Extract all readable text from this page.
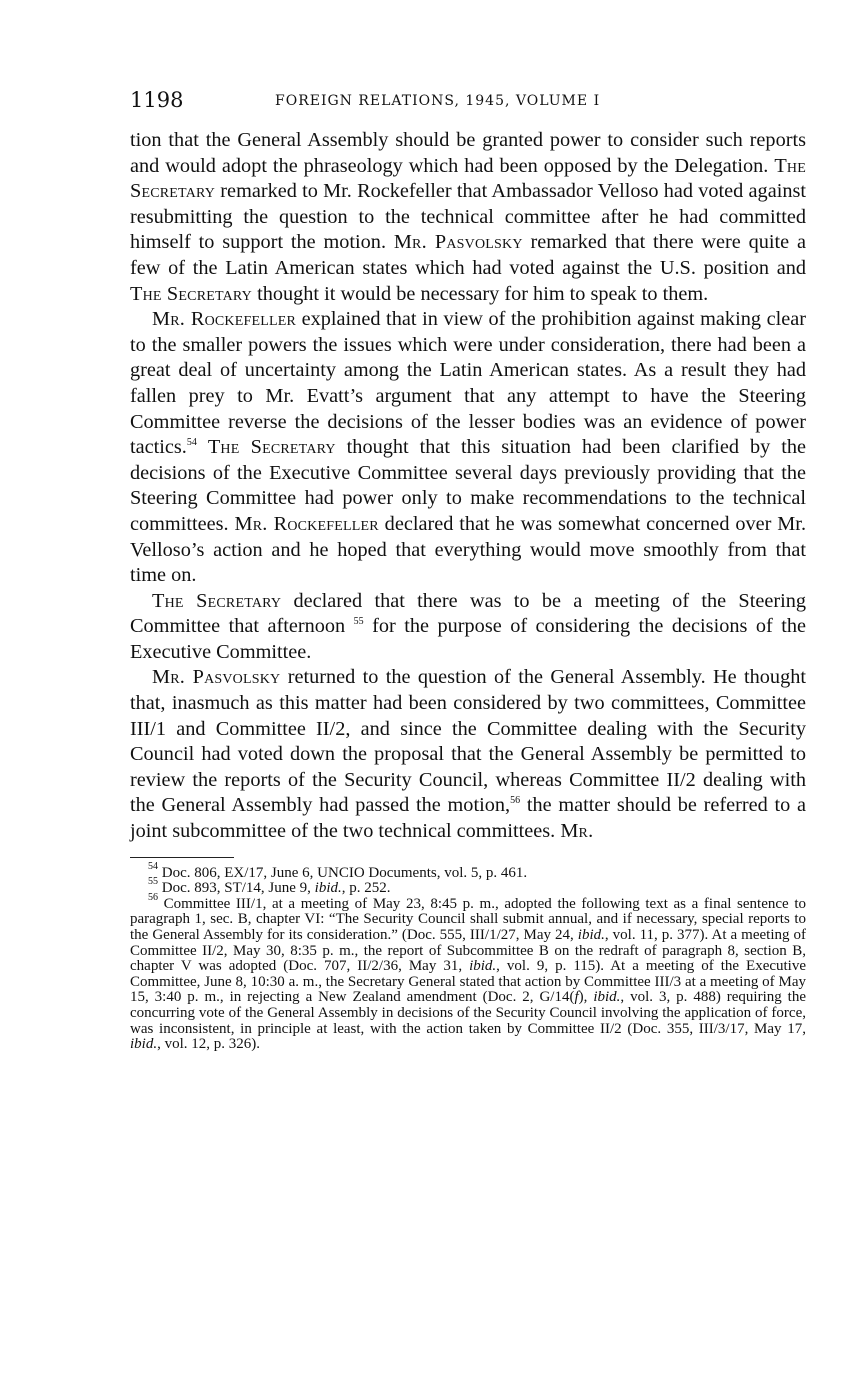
1198	FOREIGN RELATIONS, 1945, VOLUME I

tion that the General Assembly should be granted power to consider such reports and would adopt the phraseology which had been opposed by the Delegation. The Secretary remarked to Mr. Rockefeller that Ambassador Velloso had voted against resubmitting the question to the technical committee after he had committed himself to support the motion. Mr. Pasvolsky remarked that there were quite a few of the Latin American states which had voted against the U.S. position and The Secretary thought it would be necessary for him to speak to them.

Mr. Rockefeller explained that in view of the prohibition against making clear to the smaller powers the issues which were under consideration, there had been a great deal of uncertainty among the Latin American states. As a result they had fallen prey to Mr. Evatt’s argument that any attempt to have the Steering Committee reverse the decisions of the lesser bodies was an evidence of power tactics.$^{54}$ The Secretary thought that this situation had been clarified by the decisions of the Executive Committee several days previously providing that the Steering Committee had power only to make recommendations to the technical committees. Mr. Rockefeller declared that he was somewhat concerned over Mr. Velloso’s action and he hoped that everything would move smoothly from that time on.

The Secretary declared that there was to be a meeting of the Steering Committee that afternoon $^{55}$ for the purpose of considering the decisions of the Executive Committee.

Mr. Pasvolsky returned to the question of the General Assembly. He thought that, inasmuch as this matter had been considered by two committees, Committee III/1 and Committee II/2, and since the Committee dealing with the Security Council had voted down the proposal that the General Assembly be permitted to review the reports of the Security Council, whereas Committee II/2 dealing with the General Assembly had passed the motion,$^{56}$ the matter should be referred to a joint subcommittee of the two technical committees. Mr.

$^{54}$ Doc. 806, EX/17, June 6, UNCIO Documents, vol. 5, p. 461.

$^{55}$ Doc. 893, ST/14, June 9, ibid., p. 252.

$^{56}$ Committee III/1, at a meeting of May 23, 8:45 p. m., adopted the following text as a final sentence to paragraph 1, sec. B, chapter VI: “The Security Council shall submit annual, and if necessary, special reports to the General Assembly for its consideration.” (Doc. 555, III/1/27, May 24, ibid., vol. 11, p. 377). At a meeting of Committee II/2, May 30, 8:35 p. m., the report of Subcommittee B on the redraft of paragraph 8, section B, chapter V was adopted (Doc. 707, II/2/36, May 31, ibid., vol. 9, p. 115). At a meeting of the Executive Committee, June 8, 10:30 a. m., the Secretary General stated that action by Committee III/3 at a meeting of May 15, 3:40 p. m., in rejecting a New Zealand amendment (Doc. 2, G/14(f), ibid., vol. 3, p. 488) requiring the concurring vote of the General Assembly in decisions of the Security Council involving the application of force, was inconsistent, in principle at least, with the action taken by Committee II/2 (Doc. 355, III/3/17, May 17, ibid., vol. 12, p. 326).
